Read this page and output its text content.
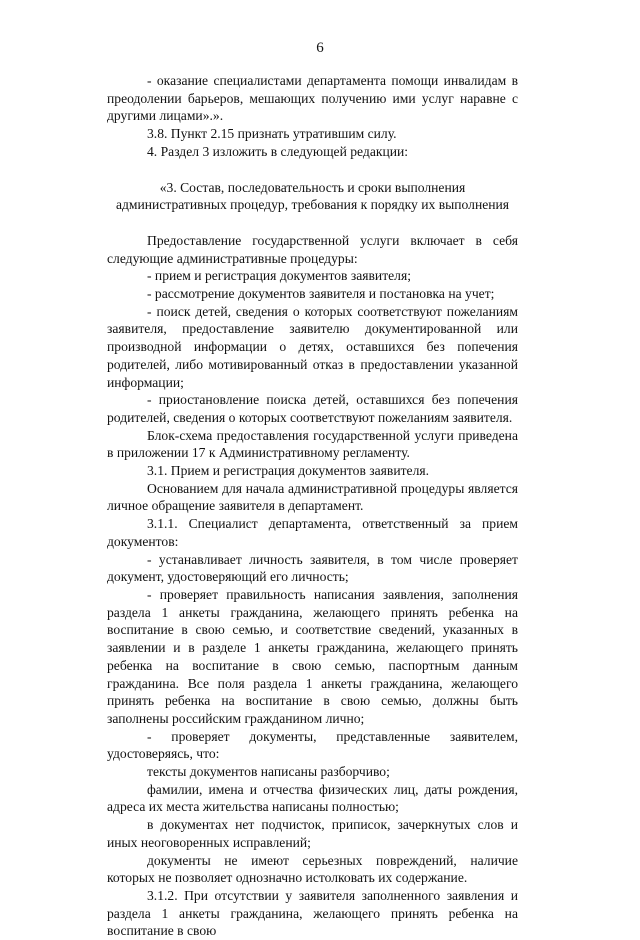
6

- оказание специалистами департамента помощи инвалидам в преодолении барьеров, мешающих получению ими услуг наравне с другими лицами».».

3.8. Пункт 2.15 признать утратившим силу.

4. Раздел 3 изложить в следующей редакции:

«3. Состав, последовательность и сроки выполнения административных процедур, требования к порядку их выполнения

Предоставление государственной услуги включает в себя следующие административные процедуры:

- прием и регистрация документов заявителя;

- рассмотрение документов заявителя и постановка на учет;

- поиск детей, сведения о которых соответствуют пожеланиям заявителя, предоставление заявителю документированной или производной информации о детях, оставшихся без попечения родителей, либо мотивированный отказ в предоставлении указанной информации;

- приостановление поиска детей, оставшихся без попечения родителей, сведения о которых соответствуют пожеланиям заявителя.

Блок-схема предоставления государственной услуги приведена в приложении 17 к Административному регламенту.

3.1. Прием и регистрация документов заявителя.

Основанием для начала административной процедуры является личное обращение заявителя в департамент.

3.1.1. Специалист департамента, ответственный за прием документов:

- устанавливает личность заявителя, в том числе проверяет документ, удостоверяющий его личность;

- проверяет правильность написания заявления, заполнения раздела 1 анкеты гражданина, желающего принять ребенка на воспитание в свою семью, и соответствие сведений, указанных в заявлении и в разделе 1 анкеты гражданина, желающего принять ребенка на воспитание в свою семью, паспортным данным гражданина. Все поля раздела 1 анкеты гражданина, желающего принять ребенка на воспитание в свою семью, должны быть заполнены российским гражданином лично;

- проверяет документы, представленные заявителем, удостоверяясь, что:

тексты документов написаны разборчиво;

фамилии, имена и отчества физических лиц, даты рождения, адреса их места жительства написаны полностью;

в документах нет подчисток, приписок, зачеркнутых слов и иных неоговоренных исправлений;

документы не имеют серьезных повреждений, наличие которых не позволяет однозначно истолковать их содержание.

3.1.2. При отсутствии у заявителя заполненного заявления и раздела 1 анкеты гражданина, желающего принять ребенка на воспитание в свою
